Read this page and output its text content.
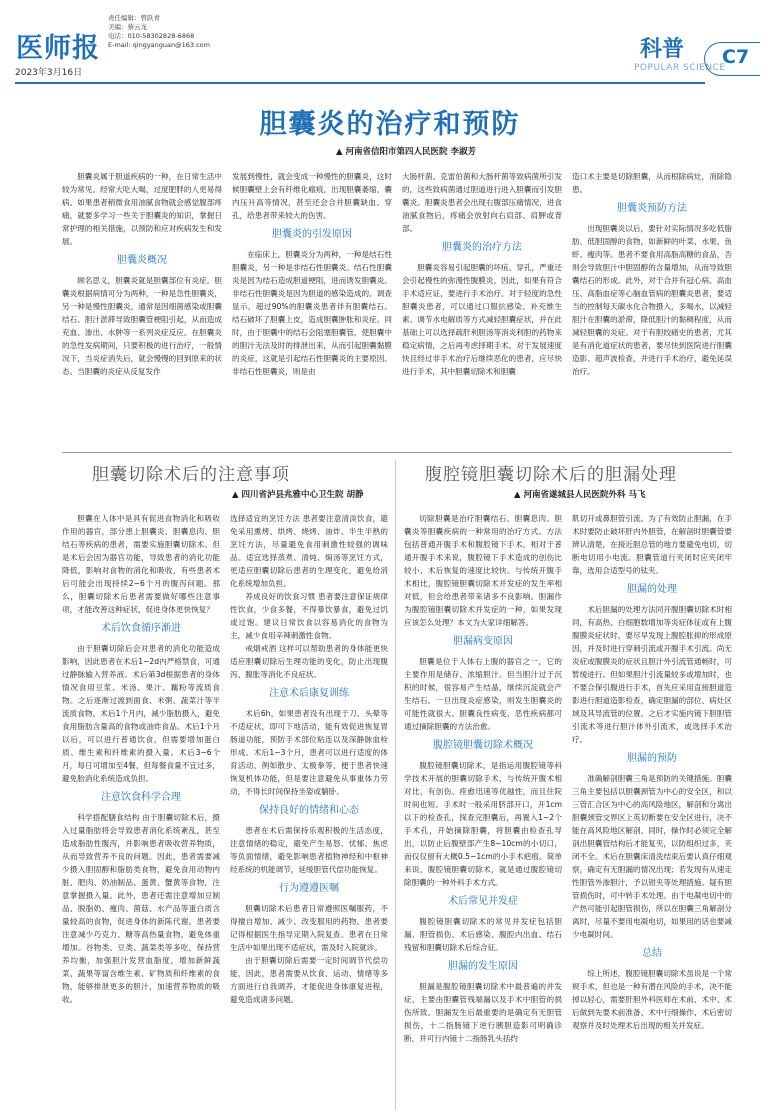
医师报
2023年3月16日
责任编辑：曾跃青
美编：蔡云龙
电话：010-58302828-6868
E-mail: qingyanguan@163.com	科普
POPULAR SCIENCE
C7
胆囊炎的治疗和预防
▲ 河南省信阳市第四人民医院 李淑芳

胆囊炎属于胆道疾病的一种，在日常生活中较为常见。经常大吃大喝，过度肥胖的人更易得病。如果患者稍微食用油腻食物就会感觉腹部疼痛，就要多学习一些关于胆囊炎的知识，掌握日常护理的相关措施，以预防和应对疾病发生和发展。

胆囊炎概况

顾名思义，胆囊炎就是胆囊部位有炎症。胆囊炎根据病情可分为两种，一种是急性胆囊炎，另一种是慢性胆囊炎，通常是因细菌感染或胆囊结石、胆汁淤滞导致胆囊管梗阻引起，从而造成充血、渗出、水肿等一系列炎症反应。在胆囊炎的急性发病期间，只要积极的进行治疗，一般情况下，当炎症消失后，就会慢慢的回到原来的状态。当胆囊的炎症从反复发作

发展到慢性，就会变成一种慢性的胆囊炎，这时候胆囊壁上会有纤维化瘢痕，出现胆囊萎缩，囊内压升高等情况，甚至还会合并胆囊缺血、穿孔，给患者带来较大的伤害。

胆囊炎的引发原因

在临床上，胆囊炎分为两种，一种是结石性胆囊炎，另一种是非结石性胆囊炎。结石性胆囊炎是因为结石造成胆道梗阻，进而诱发胆囊炎。非结石性胆囊炎是因为胆道的感染造成的。调查显示，超过90%的胆囊炎患者伴有胆囊结石。结石破坏了胆囊上皮，造成胆囊肿胀和炎症。同时，由于胆囊中的结石会阻塞胆囊管，使胆囊中的胆汁无法及时的排泄出来，从而引起胆囊黏膜的炎症，这就是引起结石性胆囊炎的主要原因。非结石性胆囊炎，则是由

大肠杆菌、克雷伯菌和大肠杆菌等致病菌所引发的，这些致病菌通过胆道进行进入胆囊而引发胆囊炎。胆囊炎患者会出现右腹部压痛情况，进食油腻食物后，疼痛会放射向右肩部、肩胛或背部。

胆囊炎的治疗方法

胆囊炎容易引起胆囊的坏疽、穿孔，严重还会引起慢性的弥漫性腹膜炎。因此，如果有符合手术适应证，要进行手术治疗。对于轻度的急性胆囊炎患者，可以通过口服抗感染、补充维生素、调节水电解质等方式减轻胆囊症状，并在此基础上可以选择疏肝利胆汤等消炎利胆的药物来稳定病情，之后再考虑择期手术。对于发展速度快且经过非手术治疗后继续恶化的患者，应尽快进行手术，其中胆囊切除术和胆囊

造口术主要是切除胆囊，从而根除病灶，消除隐患。

胆囊炎预防方法

出现胆囊炎以后，要针对实际情况多吃低脂肪、低胆固醇的食物，如新鲜的叶菜、水果、鱼虾、瘦肉等。患者不要食用高脂高糖的食品，否则会导致胆汁中胆固醇的含量增加，从而导致胆囊结石的形成。此外，对于合并有冠心病、高血压、高脂血症等心脑血管病的胆囊炎患者，要适当的控制每天碳水化合物摄入，多喝水，以减轻胆汁在胆囊的淤滞，降低胆汁的黏稠程度，从而减轻胆囊的炎症。对于有胆绞痛史的患者，尤其是有消化道症状的患者，要尽快到医院进行胆囊造影、超声波检查，并进行手术治疗，避免延误治疗。

胆囊切除术后的注意事项
▲ 四川省泸县兆雅中心卫生院 胡静

胆囊在人体中是具有促进食物消化和吸收作用的器官，部分患上胆囊炎、胆囊息肉、胆结石等疾病的患者，需要实施胆囊切除术。但是术后会因为器官功能，导致患者的消化功能降低，影响对食物的消化和吸收，有些患者术后可能会出现持续2~6个月的腹泻问题。那么，胆囊切除术后患者需要做好哪些注意事项，才能改善这种症状，促进身体更快恢复？

术后饮食循序渐进

由于胆囊切除后会对患者的消化功能造成影响，因此患者在术后1~2d内严格禁食，可通过静脉输入营养液。术后第3d根据患者的身体情况食用豆浆、米汤、果汁、藕粉等流质食物。之后逐渐过渡到面食、米粥、蔬菜汁等半流质食物。术后1个月内，减少脂肪摄入，避免食用脂肪含量高的食物或油炸食品。术后1个月以后，可以进行普通饮食，但需要增加蛋白质、维生素和纤维素的摄入量。术后3~6个月，每日可增加至4餐，但每餐食量不宜过多，避免胎消化系统造成负担。

注意饮食科学合理

科学搭配膳食结构 由于胆囊切除术后，摄入过量脂肪将会导致患者消化系统紊乱，甚至造成脂肪性腹泻，并影响患者吸收营养物质，从而导致营养不良的问题。因此，患者需要减少摄入胆固醇和脂肪类食物，避免食用动物内脏、肥肉、奶油制品、蛋黄、蟹黄等食物，注意掌握摄入量。此外，患者还需注意增加豆制品、脱脂奶、瘦肉、菌菇、水产品等蛋白质含量较高的食物，促进身体的新陈代谢。患者要注意减少巧克力、糖等高热量食物，避免体重增加。谷物类、豆类、蔬菜类等多吃，保持营养均衡，加强胆汁发营血脂度，增加新鲜蔬菜、蔬果等富含维生素、矿物质和纤维素的食物，能够排泄更多的胆汁，加速营养物质的吸收。

选择适宜的烹饪方法 患者要注意清淡饮食，避免采用熏烤、烘烤、烧烤、油炸、半生半熟的烹饪方法，尽量避免食用刺激性较强的调味品。适宜选择蒸煮、清炖、焖汤等烹饪方式，更适应胆囊切除后患者的生理变化，避免给消化系统增加负担。

养成良好的饮食习惯 患者要注意保证规律性饮食，少食多餐，不得暴饮暴食，避免过饥或过饱。建议日常饮食以容易消化的食物为主，减少食用辛辣刺激性食物。

戒烟戒酒 这样可以帮助患者的身体能更快适应胆囊切除后生理功能的变化，防止出现腹泻、腹胀等消化不良症状。

注意术后康复训练

术后6h，如果患者没有出现于刀、头晕等不适症状，即可下地活动，能有效促进恢复胃肠道功能，预防手术部位粘连以及深静脉血栓形成。术后1~3个月，患者可以进行适度的体育活动，例如散步、太极拳等，便于患者快速恢复机体功能，但是要注意避免从事重体力劳动，不得长时间保持坐姿或躺卧。

保持良好的情绪和心态

患者在术后需保持乐观积极的生活态度，注意情绪的稳定，避免产生易怒、忧郁、焦虑等负面情绪，避免影响患者植物神经和中枢神经系统的机能调节，延缓胆管代偿功能恢复。

行为遵遵医嘱

胆囊切除术后患者日常遵照医嘱服药，不得擅自增加、减少、改变服用的药物。患者要记得根据医生指导定期入院复查。患者在日常生活中如果出现不适症状，需及时入院就诊。

由于胆囊切除后需要一定时间调节代偿功能，因此，患者需要从饮食、运动、情绪等多方面进行自我调养，才能促进身体康复进程，避免造成诸多问题。

腹腔镜胆囊切除术后的胆漏处理
▲ 河南省遂城县人民医院外科 马飞

切除胆囊是治疗胆囊结石、胆囊息肉、胆囊炎等胆囊疾病的一种常用的治疗方式。方法包括普通开腹手术和腹腔镜下手术，相对于普通开腹手术来说，腹腔镜下手术造成的创伤比较小、术后恢复的速度比较快。与传统开腹手术相比，腹腔镜胆囊切除术并发症的发生率相对低，但会给患者带来诸多不良影响。胆漏作为腹腔镜胆囊切除术并发症的一种，如果发现应该怎么处理？本文为大家详细解答。

胆漏病变原因

胆囊是位于人体右上腹的器官之一，它的主要作用是储存、浓缩胆汁。但当胆汁过于沉积的时候，很容易产生结晶，继续沉淀就会产生结石。一旦出现炎症感染，则发生胆囊炎的可能性就很大。胆囊良性病变、恶性疾病都可通过摘除胆囊的方法治愈。

腹腔镜胆囊切除术概况

腹腔镜胆囊切除术，是指运用腹腔镜等科学技术开展的胆囊切除手术，与传统开腹术相对比，有创伤、痊愈迅速等优越性，而且住院时间也短。手术时一般采用脐部开口，开1cm以下的检查孔，探查完胆囊后，再置入1~2个手术孔，开始摘除胆囊，将胆囊由检查孔导出，以防止后腹壁部产生8~10cm的小切口，而仅仅留有大概0.5~1cm的小手术疤痕。简单来说，腹腔镜胆囊切除术，就是通过腹腔镜切除胆囊的一种外科手术方式。

术后常见并发症

腹腔镜胆囊切除术的常见并发症包括胆漏、胆管损伤、术后感染、腹腔内出血、结石残留和胆囊切除术后综合征。

胆漏的发生原因

胆漏是腹腔镜胆囊切除术中最普遍的并发症，主要由胆囊管残端漏以及手术中胆管的损伤所致。胆漏发生后最重要的是确定有无胆管损伤，十二指肠镜下逆行胰胆造影可明确诊断，并可行内镜十二指肠乳头括约

肌切开或鼻胆管引流。为了有效防止胆漏，在手术时要防止破坏肝内外胆管，在解剖时胆囊管要辨认清楚，在接近胆总管的地方要避免电切，切断电切用小电流。胆囊管道行夹闭时应夹闭牢靠，选用合适型号的钛夹。

胆漏的处理

术后胆漏的处理方法同开腹胆囊切除术时相同，有高热、白细胞数增加等炎症体征或有上腹腹膜炎症状时，要尽早发现上腹腔胀抑的形成原因，并及时进行穿刺引流或开腹手术引流。尚无炎症或腹膜炎的症状且胆汁外引流管通畅时，可暂缓进行。但如果胆汁引流量较多或增加时，也不要合保引腹进行手术，首先应采用直接胆道造影进行胆道造影检查，确定胆漏的部位、病灶区域及其导流管的位置。之后才实施内镜下胆胆管引流术等进行胆汁体外引流术，或选择手术治疗。

胆漏的预防

准确解剖胆囊三角是预防的关键措施。胆囊三角主要包括以胆囊颈管为中心的安全区，和以三管汇合区为中心的高风险地区，解剖和分离出胆囊颈管交界区上英切断要在安全区进行，决不能在高风险地区解剖。同时，操作时必须完全解剖出胆囊管结构后才能复夹，以防组织过多，夹闭不全。术后在胆囊床清洗结束后要认真仔细观察，确定有无胆漏的情况出现；若发现有从速走性胆管外渗胆汁，予以钳夹等处理措施。疑有胆管损伤时，可中转手术处理。由于电凝电切中的产热可能引起胆管损伤，所以在胆囊三角解剖分离时，尽量不要用电凝电切，如果用的话也要减少电凝时间。

总结

综上所述，腹腔镜胆囊切除术虽说是一个常规手术，但也是一种有潜在风险的手术，决不能掉以轻心，需要肝胆外科医师在术前、术中、术后做到先要术前准备、术中行细操作、术后密切观察并及时处理术后出现的相关并发症。
